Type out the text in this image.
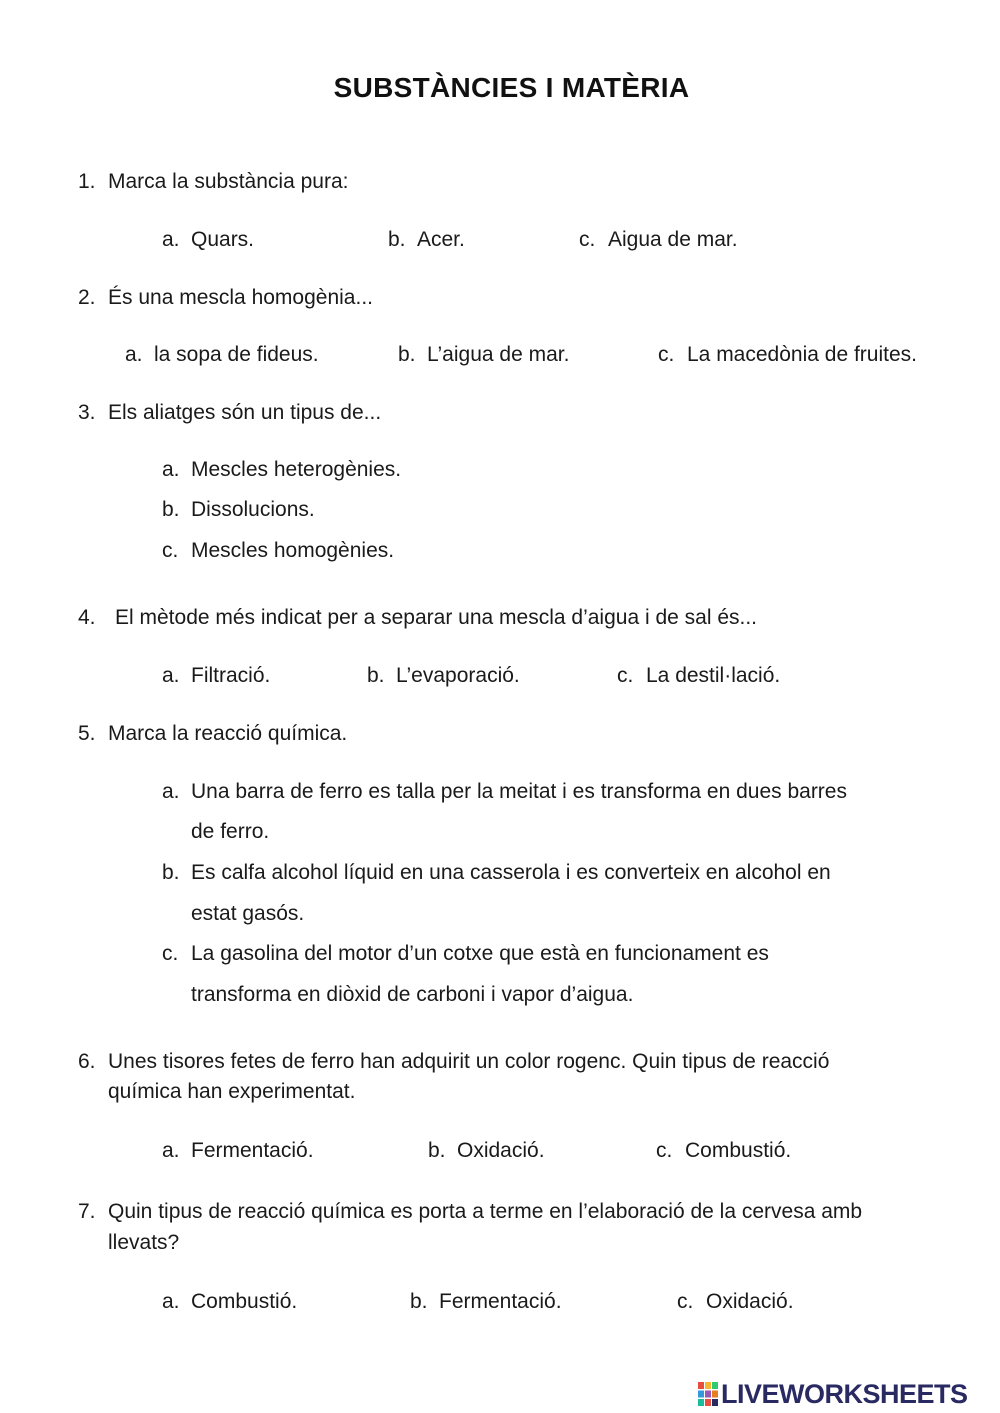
SUBSTÀNCIES I MATÈRIA
1. Marca la substància pura:
a. Quars.	b. Acer.	c. Aigua de mar.
2. És una mescla homogènia...
a. la sopa de fideus.	b. L’aigua de mar.	c. La macedònia de fruites.
3. Els aliatges són un tipus de...
a. Mescles heterogènies.
b. Dissolucions.
c. Mescles homogènies.
4. El mètode més indicat per a separar una mescla d’aigua i de sal és...
a. Filtració.	b. L’evaporació.	c. La destil·lació.
5. Marca la reacció química.
a. Una barra de ferro es talla per la meitat i es transforma en dues barres
de ferro.
b. Es calfa alcohol líquid en una casserola i es converteix en alcohol en
estat gasós.
c. La gasolina del motor d’un cotxe que està en funcionament es
transforma en diòxid de carboni i vapor d’aigua.
6. Unes tisores fetes de ferro han adquirit un color rogenc. Quin tipus de reacció
química han experimentat.
a. Fermentació.	b. Oxidació.	c. Combustió.
7. Quin tipus de reacció química es porta a terme en l’elaboració de la cervesa amb
llevats?
a. Combustió.	b. Fermentació.	c. Oxidació.
LIVEWORKSHEETS
